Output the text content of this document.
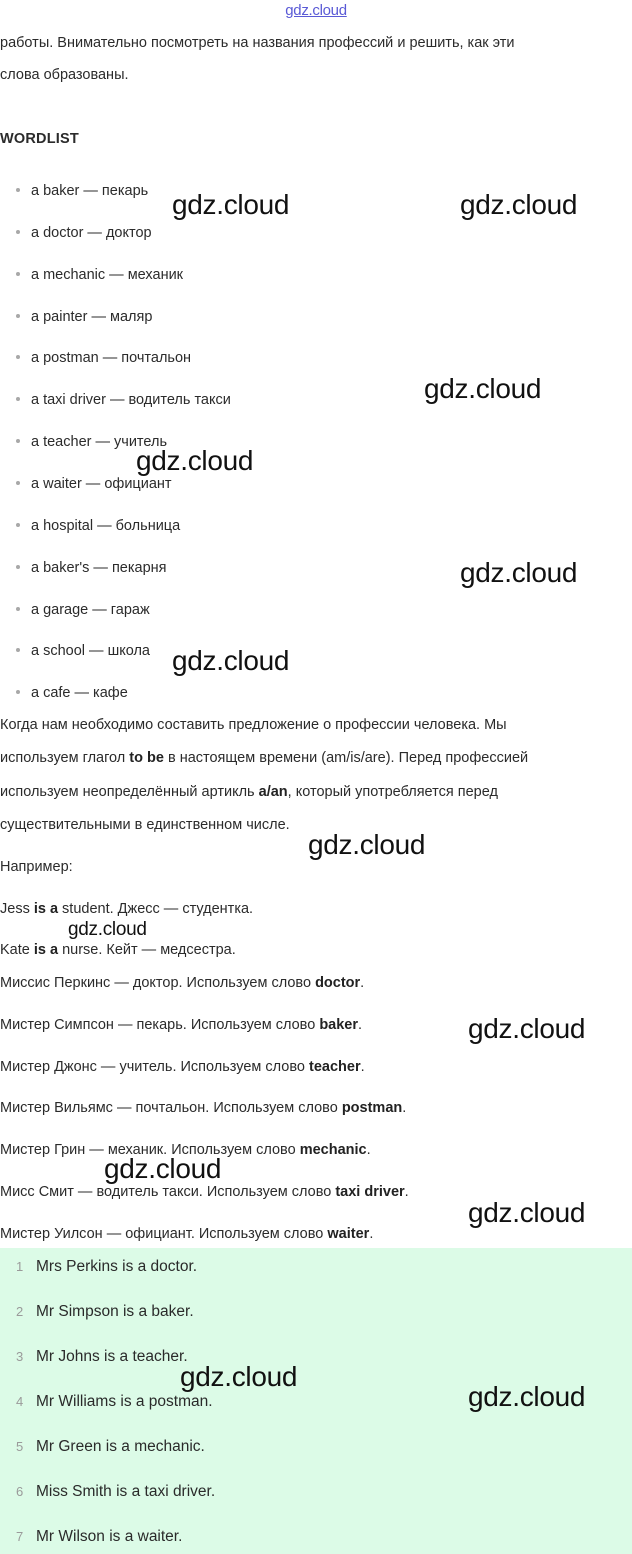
gdz.cloud
работы. Внимательно посмотреть на названия профессий и решить, как эти
слова образованы.
WORDLIST
a baker — пекарь
a doctor — доктор
a mechanic — механик
a painter — маляр
a postman — почтальон
a taxi driver — водитель такси
a teacher — учитель
a waiter — официант
a hospital — больница
a baker's — пекарня
a garage — гараж
a school — школа
a cafe — кафе
Когда нам необходимо составить предложение о профессии человека. Мы
используем глагол to be в настоящем времени (am/is/are). Перед профессией
используем неопределённый артикль a/an, который употребляется перед
существительными в единственном числе.
Например:
Jess is a student. Джесс — студентка.
Kate is a nurse. Кейт — медсестра.
Миссис Перкинс — доктор. Используем слово doctor.
Мистер Симпсон — пекарь. Используем слово baker.
Мистер Джонс — учитель. Используем слово teacher.
Мистер Вильямс — почтальон. Используем слово postman.
Мистер Грин — механик. Используем слово mechanic.
Мисс Смит — водитель такси. Используем слово taxi driver.
Мистер Уилсон — официант. Используем слово waiter.
1 Mrs Perkins is a doctor.
2 Mr Simpson is a baker.
3 Mr Johns is a teacher.
4 Mr Williams is a postman.
5 Mr Green is a mechanic.
6 Miss Smith is a taxi driver.
7 Mr Wilson is a waiter.
gdz.cloud	gdz.cloud
gdz.cloud
gdz.cloud
gdz.cloud
gdz.cloud
gdz.cloud
gdz.cloud
gdz.cloud
gdz.cloud
gdz.cloud
gdz.cloud
gdz.cloud
